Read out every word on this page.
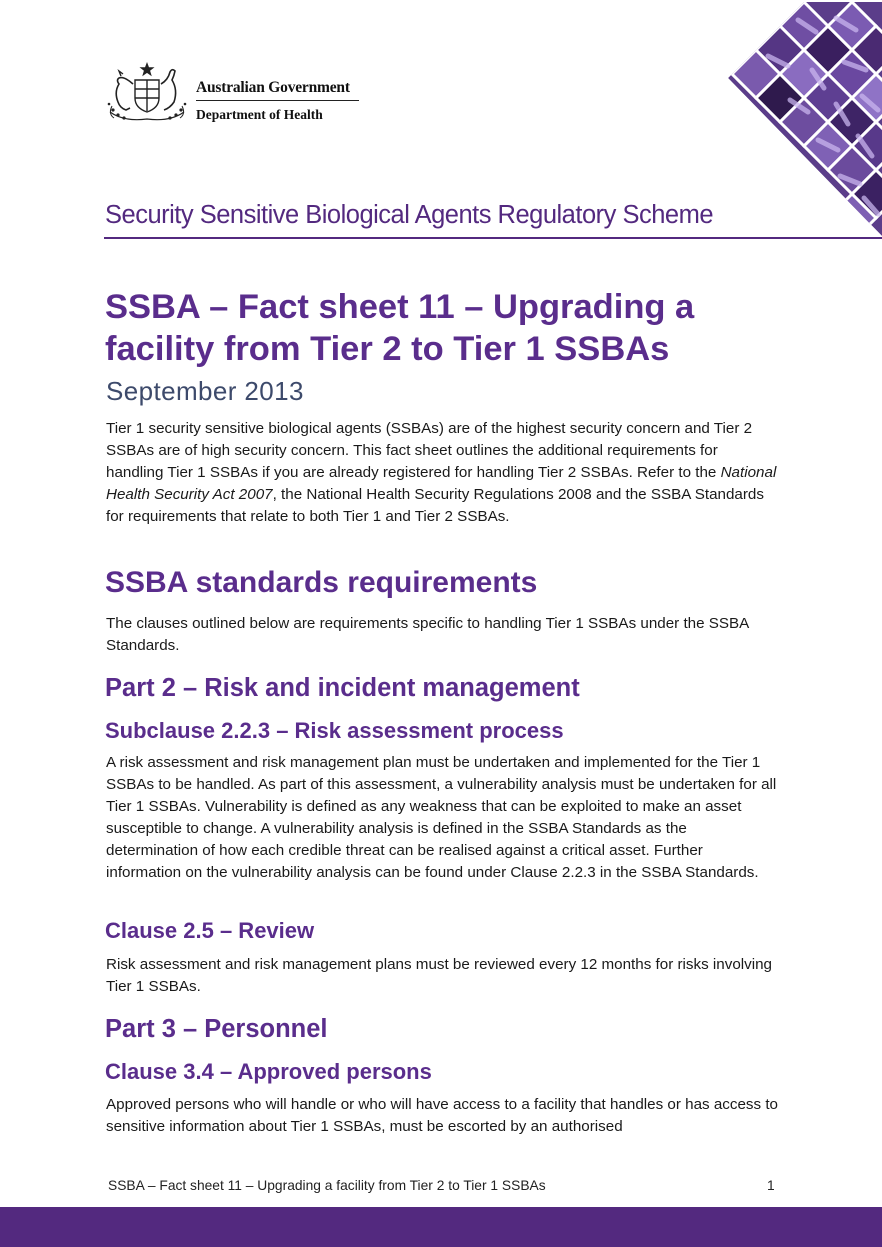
Australian Government
Department of Health
Security Sensitive Biological Agents Regulatory Scheme
SSBA – Fact sheet 11 – Upgrading a facility from Tier 2 to Tier 1 SSBAs
September 2013

Tier 1 security sensitive biological agents (SSBAs) are of the highest security concern and Tier 2 SSBAs are of high security concern. This fact sheet outlines the additional requirements for handling Tier 1 SSBAs if you are already registered for handling Tier 2 SSBAs. Refer to the National Health Security Act 2007, the National Health Security Regulations 2008 and the SSBA Standards for requirements that relate to both Tier 1 and Tier 2 SSBAs.

SSBA standards requirements

The clauses outlined below are requirements specific to handling Tier 1 SSBAs under the SSBA Standards.

Part 2 – Risk and incident management
Subclause 2.2.3 – Risk assessment process

A risk assessment and risk management plan must be undertaken and implemented for the Tier 1 SSBAs to be handled. As part of this assessment, a vulnerability analysis must be undertaken for all Tier 1 SSBAs. Vulnerability is defined as any weakness that can be exploited to make an asset susceptible to change. A vulnerability analysis is defined in the SSBA Standards as the determination of how each credible threat can be realised against a critical asset. Further information on the vulnerability analysis can be found under Clause 2.2.3 in the SSBA Standards.

Clause 2.5 – Review

Risk assessment and risk management plans must be reviewed every 12 months for risks involving Tier 1 SSBAs.

Part 3 – Personnel
Clause 3.4 – Approved persons

Approved persons who will handle or who will have access to a facility that handles or has access to sensitive information about Tier 1 SSBAs, must be escorted by an authorised

SSBA – Fact sheet 11 – Upgrading a facility from Tier 2 to Tier 1 SSBAs	1
